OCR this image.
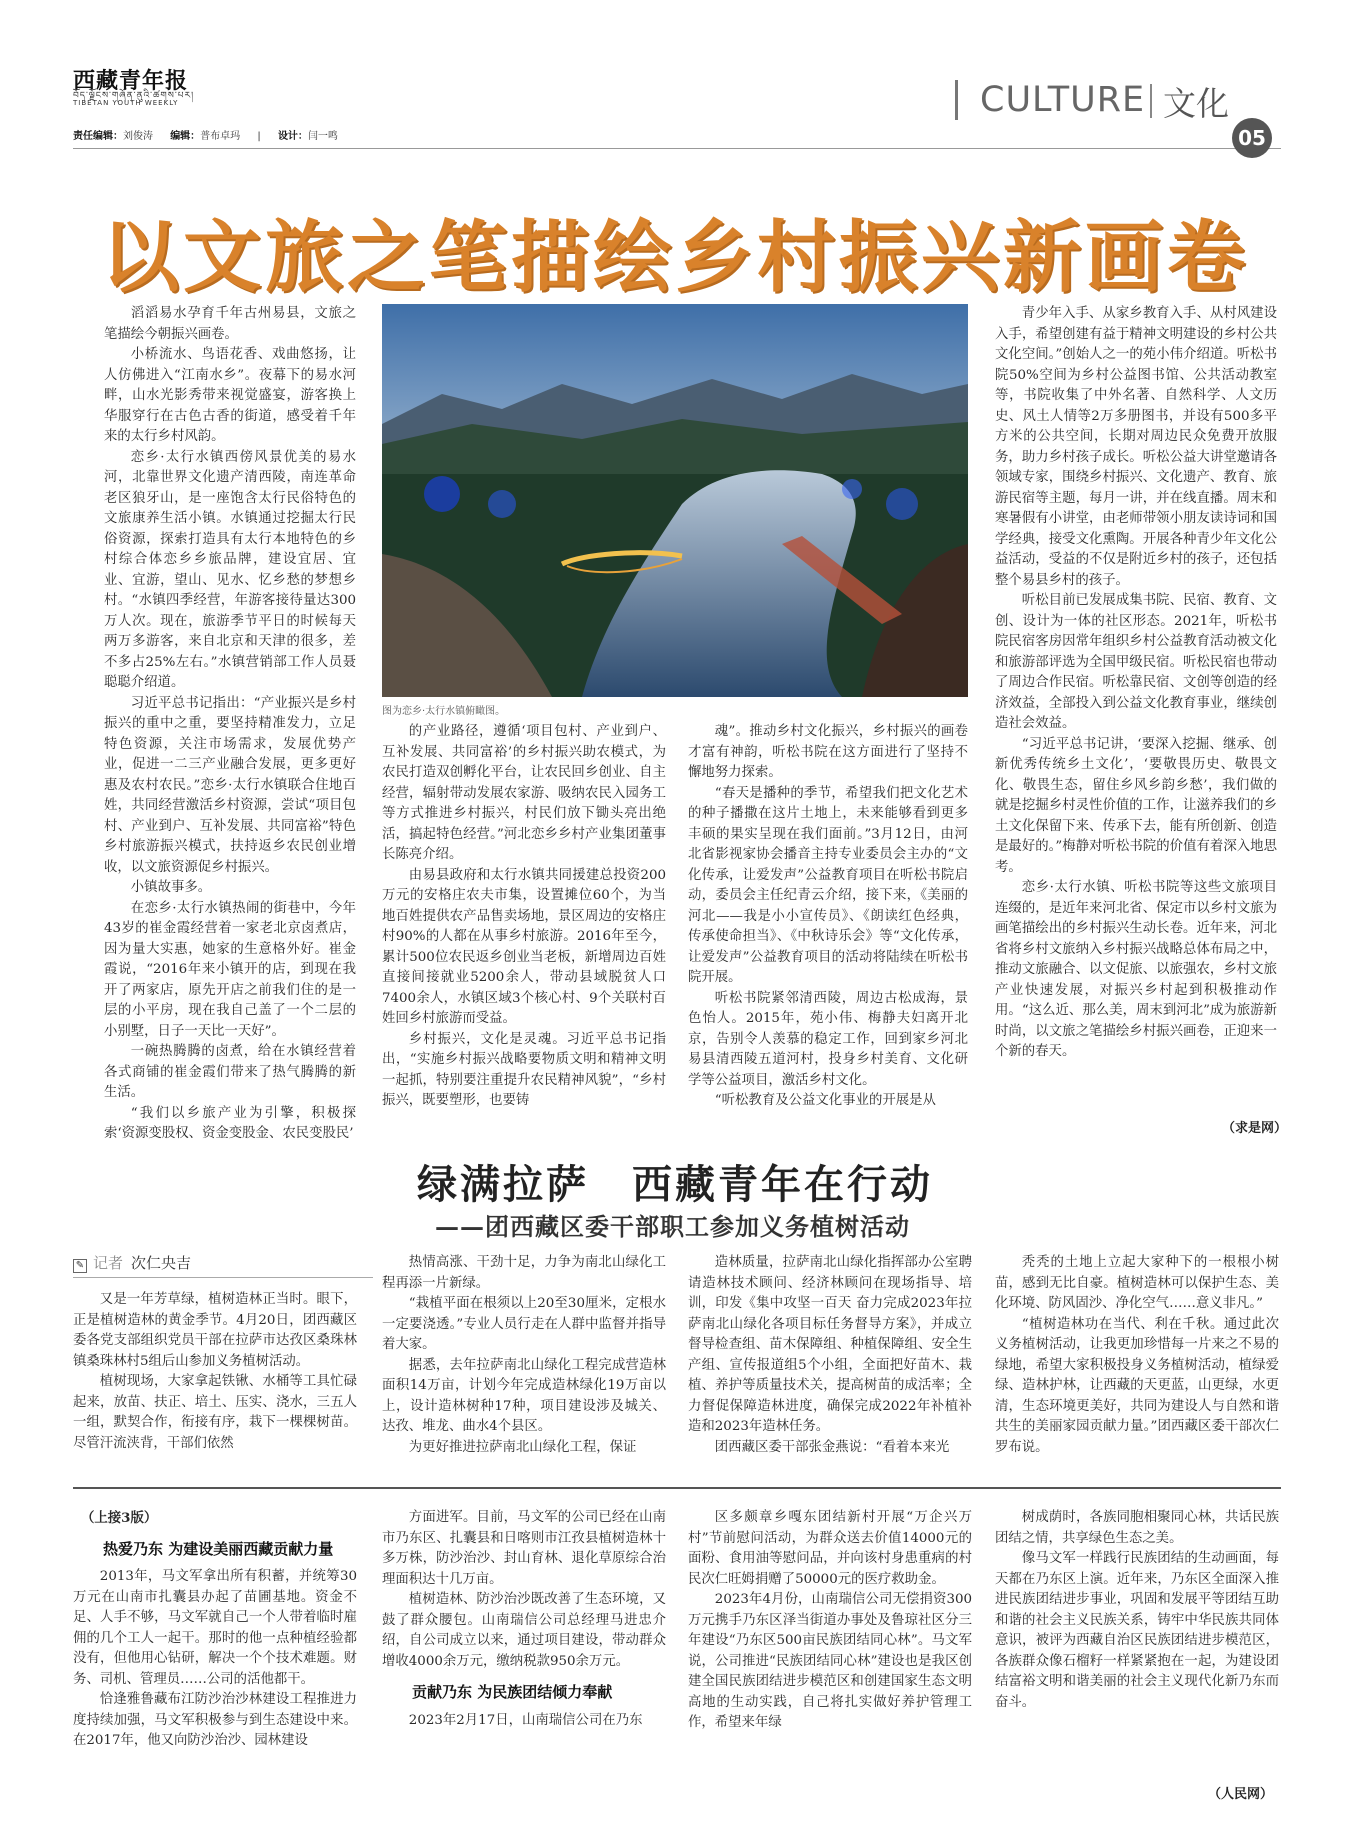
西藏青年报
བོད་ལྗོངས་གཞོན་ནུའི་ཚགས་པར།
TIBETAN YOUTH WEEKLY
责任编辑：刘俊涛 编辑：普布卓玛 | 设计：闫一鸣
CULTURE 文化
05
以文旅之笔描绘乡村振兴新画卷

滔滔易水孕育千年古州易县，文旅之笔描绘今朝振兴画卷。

小桥流水、鸟语花香、戏曲悠扬，让人仿佛进入“江南水乡”。夜幕下的易水河畔，山水光影秀带来视觉盛宴，游客换上华服穿行在古色古香的街道，感受着千年来的太行乡村风韵。

恋乡·太行水镇西傍风景优美的易水河，北靠世界文化遗产清西陵，南连革命老区狼牙山，是一座饱含太行民俗特色的文旅康养生活小镇。水镇通过挖掘太行民俗资源，探索打造具有太行本地特色的乡村综合体恋乡乡旅品牌，建设宜居、宜业、宜游，望山、见水、忆乡愁的梦想乡村。“水镇四季经营，年游客接待量达300万人次。现在，旅游季节平日的时候每天两万多游客，来自北京和天津的很多，差不多占25%左右。”水镇营销部工作人员聂聪聪介绍道。

习近平总书记指出：“产业振兴是乡村振兴的重中之重，要坚持精准发力，立足特色资源，关注市场需求，发展优势产业，促进一二三产业融合发展，更多更好惠及农村农民。”恋乡·太行水镇联合住地百姓，共同经营激活乡村资源，尝试“项目包村、产业到户、互补发展、共同富裕”特色乡村旅游振兴模式，扶持返乡农民创业增收，以文旅资源促乡村振兴。

小镇故事多。

在恋乡·太行水镇热闹的街巷中，今年43岁的崔金霞经营着一家老北京卤煮店，因为量大实惠，她家的生意格外好。崔金霞说，“2016年来小镇开的店，到现在我开了两家店，原先开店之前我们住的是一层的小平房，现在我自己盖了一个二层的小别墅，日子一天比一天好”。

一碗热腾腾的卤煮，给在水镇经营着各式商铺的崔金霞们带来了热气腾腾的新生活。

“我们以乡旅产业为引擎，积极探索‘资源变股权、资金变股金、农民变股民’

图为恋乡·太行水镇俯瞰图。

的产业路径，遵循‘项目包村、产业到户、互补发展、共同富裕’的乡村振兴助农模式，为农民打造双创孵化平台，让农民回乡创业、自主经营，辐射带动发展农家游、吸纳农民入园务工等方式推进乡村振兴，村民们放下锄头亮出绝活，搞起特色经营。”河北恋乡乡村产业集团董事长陈亮介绍。

由易县政府和太行水镇共同援建总投资200万元的安格庄农夫市集，设置摊位60个，为当地百姓提供农产品售卖场地，景区周边的安格庄村90%的人都在从事乡村旅游。2016年至今，累计500位农民返乡创业当老板，新增周边百姓直接间接就业5200余人，带动县域脱贫人口7400余人，水镇区域3个核心村、9个关联村百姓回乡村旅游而受益。

乡村振兴，文化是灵魂。习近平总书记指出，“实施乡村振兴战略要物质文明和精神文明一起抓，特别要注重提升农民精神风貌”，“乡村振兴，既要塑形，也要铸

魂”。推动乡村文化振兴，乡村振兴的画卷才富有神韵，听松书院在这方面进行了坚持不懈地努力探索。

“春天是播种的季节，希望我们把文化艺术的种子播撒在这片土地上，未来能够看到更多丰硕的果实呈现在我们面前。”3月12日，由河北省影视家协会播音主持专业委员会主办的“文化传承，让爱发声”公益教育项目在听松书院启动，委员会主任纪青云介绍，接下来，《美丽的河北——我是小小宣传员》、《朗读红色经典，传承使命担当》、《中秋诗乐会》等“文化传承，让爱发声”公益教育项目的活动将陆续在听松书院开展。

听松书院紧邻清西陵，周边古松成海，景色怡人。2015年，苑小伟、梅静夫妇离开北京，告别令人羡慕的稳定工作，回到家乡河北易县清西陵五道河村，投身乡村美育、文化研学等公益项目，激活乡村文化。

“听松教育及公益文化事业的开展是从

青少年入手、从家乡教育入手、从村风建设入手，希望创建有益于精神文明建设的乡村公共文化空间。”创始人之一的苑小伟介绍道。听松书院50%空间为乡村公益图书馆、公共活动教室等，书院收集了中外名著、自然科学、人文历史、风土人情等2万多册图书，并设有500多平方米的公共空间，长期对周边民众免费开放服务，助力乡村孩子成长。听松公益大讲堂邀请各领域专家，围绕乡村振兴、文化遗产、教育、旅游民宿等主题，每月一讲，并在线直播。周末和寒暑假有小讲堂，由老师带领小朋友读诗词和国学经典，接受文化熏陶。开展各种青少年文化公益活动，受益的不仅是附近乡村的孩子，还包括整个易县乡村的孩子。

听松目前已发展成集书院、民宿、教育、文创、设计为一体的社区形态。2021年，听松书院民宿客房因常年组织乡村公益教育活动被文化和旅游部评选为全国甲级民宿。听松民宿也带动了周边合作民宿。听松靠民宿、文创等创造的经济效益，全部投入到公益文化教育事业，继续创造社会效益。

“习近平总书记讲，‘要深入挖掘、继承、创新优秀传统乡土文化’，‘要敬畏历史、敬畏文化、敬畏生态，留住乡风乡韵乡愁’，我们做的就是挖掘乡村灵性价值的工作，让滋养我们的乡土文化保留下来、传承下去，能有所创新、创造是最好的。”梅静对听松书院的价值有着深入地思考。

恋乡·太行水镇、听松书院等这些文旅项目连缀的，是近年来河北省、保定市以乡村文旅为画笔描绘出的乡村振兴生动长卷。近年来，河北省将乡村文旅纳入乡村振兴战略总体布局之中，推动文旅融合、以文促旅、以旅强农，乡村文旅产业快速发展，对振兴乡村起到积极推动作用。“这么近、那么美，周末到河北”成为旅游新时尚，以文旅之笔描绘乡村振兴画卷，正迎来一个新的春天。

（求是网）
绿满拉萨　西藏青年在行动
——团西藏区委干部职工参加义务植树活动
✎ 记者 次仁央吉

又是一年芳草绿，植树造林正当时。眼下，正是植树造林的黄金季节。4月20日，团西藏区委各党支部组织党员干部在拉萨市达孜区桑珠林镇桑珠林村5组后山参加义务植树活动。

植树现场，大家拿起铁锹、水桶等工具忙碌起来，放苗、扶正、培土、压实、浇水，三五人一组，默契合作，衔接有序，栽下一棵棵树苗。尽管汗流浃背，干部们依然

热情高涨、干劲十足，力争为南北山绿化工程再添一片新绿。

“栽植平面在根须以上20至30厘米，定根水一定要浇透。”专业人员行走在人群中监督并指导着大家。

据悉，去年拉萨南北山绿化工程完成营造林面积14万亩，计划今年完成造林绿化19万亩以上，设计造林树种17种，项目建设涉及城关、达孜、堆龙、曲水4个县区。

为更好推进拉萨南北山绿化工程，保证

造林质量，拉萨南北山绿化指挥部办公室聘请造林技术顾问、经济林顾问在现场指导、培训，印发《集中攻坚一百天 奋力完成2023年拉萨南北山绿化各项目标任务督导方案》，并成立督导检查组、苗木保障组、种植保障组、安全生产组、宣传报道组5个小组，全面把好苗木、栽植、养护等质量技术关，提高树苗的成活率；全力督促保障造林进度，确保完成2022年补植补造和2023年造林任务。

团西藏区委干部张金燕说：“看着本来光

秃秃的土地上立起大家种下的一根根小树苗，感到无比自豪。植树造林可以保护生态、美化环境、防风固沙、净化空气……意义非凡。”

“植树造林功在当代、利在千秋。通过此次义务植树活动，让我更加珍惜每一片来之不易的绿地，希望大家积极投身义务植树活动，植绿爱绿、造林护林，让西藏的天更蓝，山更绿，水更清，生态环境更美好，共同为建设人与自然和谐共生的美丽家园贡献力量。”团西藏区委干部次仁罗布说。

（上接3版）

热爱乃东 为建设美丽西藏贡献力量

2013年，马文军拿出所有积蓄，并统筹30万元在山南市扎囊县办起了苗圃基地。资金不足、人手不够，马文军就自己一个人带着临时雇佣的几个工人一起干。那时的他一点种植经验都没有，但他用心钻研，解决一个个技术难题。财务、司机、管理员……公司的活他都干。

恰逢雅鲁藏布江防沙治沙林建设工程推进力度持续加强，马文军积极参与到生态建设中来。在2017年，他又向防沙治沙、园林建设

方面进军。目前，马文军的公司已经在山南市乃东区、扎囊县和日喀则市江孜县植树造林十多万株，防沙治沙、封山育林、退化草原综合治理面积达十几万亩。

植树造林、防沙治沙既改善了生态环境，又鼓了群众腰包。山南瑞信公司总经理马进忠介绍，自公司成立以来，通过项目建设，带动群众增收4000余万元，缴纳税款950余万元。

贡献乃东 为民族团结倾力奉献

2023年2月17日，山南瑞信公司在乃东

区多颇章乡嘎东团结新村开展“万企兴万村”节前慰问活动，为群众送去价值14000元的面粉、食用油等慰问品，并向该村身患重病的村民次仁旺姆捐赠了50000元的医疗救助金。

2023年4月份，山南瑞信公司无偿捐资300万元携手乃东区泽当街道办事处及鲁琼社区分三年建设“乃东区500亩民族团结同心林”。马文军说，公司推进“民族团结同心林”建设也是我区创建全国民族团结进步模范区和创建国家生态文明高地的生动实践，自己将扎实做好养护管理工作，希望来年绿

树成荫时，各族同胞相聚同心林，共话民族团结之情，共享绿色生态之美。

像马文军一样践行民族团结的生动画面，每天都在乃东区上演。近年来，乃东区全面深入推进民族团结进步事业，巩固和发展平等团结互助和谐的社会主义民族关系，铸牢中华民族共同体意识，被评为西藏自治区民族团结进步模范区，各族群众像石榴籽一样紧紧抱在一起，为建设团结富裕文明和谐美丽的社会主义现代化新乃东而奋斗。

（人民网）
